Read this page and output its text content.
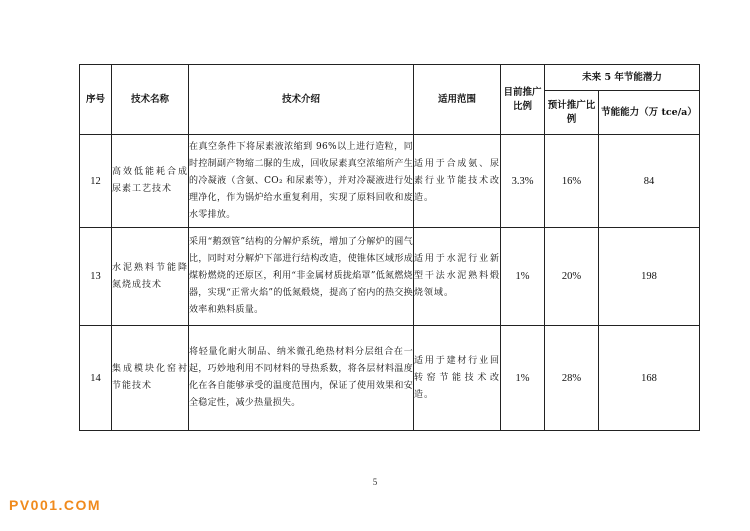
序号	技术名称	技术介绍	适用范围	目前推广比例	未来 5 年节能潜力	
					预计推广比例	节能能力（万 tce/a）
12	高效低能耗合成尿素工艺技术	在真空条件下将尿素液浓缩到 96%以上进行造粒，同时控制副产物缩二脲的生成，回收尿素真空浓缩所产生的冷凝液（含氨、CO₂ 和尿素等），并对冷凝液进行处理净化，作为锅炉给水重复利用，实现了原料回收和废水零排放。	适用于合成氨、尿素行业节能技术改造。	3.3%	16%	84
13	水泥熟料节能降氮烧成技术	采用“鹅颈管”结构的分解炉系统，增加了分解炉的圆气比，同时对分解炉下部进行结构改造，使锥体区域形成煤粉燃烧的还原区，利用“非金属材质拢焰罩”低氮燃烧器，实现“正常火焰”的低氮煅烧，提高了窑内的热交换效率和熟料质量。	适用于水泥行业新型干法水泥熟料煅烧领域。	1%	20%	198
14	集成模块化窑衬节能技术	将轻量化耐火制品、纳米微孔绝热材料分层组合在一起，巧妙地利用不同材料的导热系数，将各层材料温度化在各自能够承受的温度范围内，保证了使用效果和安全稳定性，减少热量损失。	适用于建材行业回转窑节能技术改造。	1%	28%	168
5
PV001.COM
